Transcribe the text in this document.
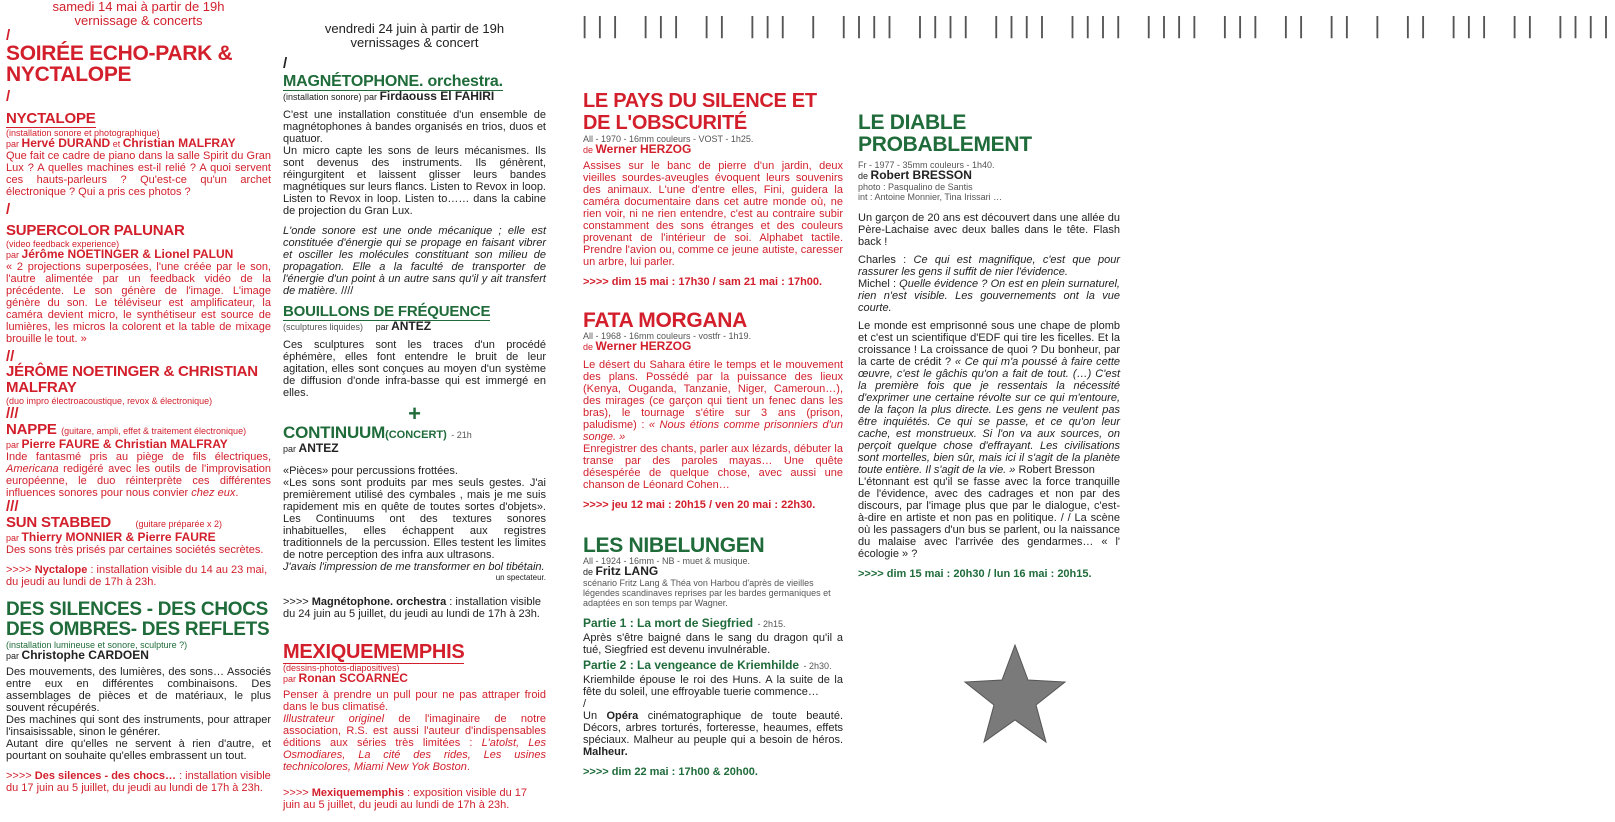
samedi 14 mai à partir de 19h
vernissage & concerts
/
SOIRÉE ECHO-PARK & NYCTALOPE
/
NYCTALOPE
(installation sonore et photographique)
par Hervé DURAND et Christian MALFRAY
Que fait ce cadre de piano dans la salle Spirit du Gran Lux ? A quelles machines est-il relié ? A quoi servent ces hauts-parleurs ? Qu'est-ce qu'un archet électronique ? Qui a pris ces photos ?
/
SUPERCOLOR PALUNAR
(video feedback experience)
par Jérôme NOETINGER & Lionel PALUN
« 2 projections superposées, l'une créée par le son, l'autre alimentée par un feedback vidéo de la précédente. Le son génère de l'image. L'image génère du son. Le téléviseur est amplificateur, la caméra devient micro, le synthétiseur est source de lumières, les micros la colorent et la table de mixage brouille le tout. »
//
JÉRÔME NOETINGER & CHRISTIAN MALFRAY
(duo impro électroacoustique, revox & électronique)
///
NAPPE (guitare, ampli, effet & traitement électronique)
par Pierre FAURE & Christian MALFRAY
Inde fantasmé pris au piège de fils électriques, Americana redigéré avec les outils de l'improvisation européenne, le duo réinterprète ces différentes influences sonores pour nous convier chez eux.
///
SUN STABBED	(guitare préparée x 2)
par Thierry MONNIER & Pierre FAURE
Des sons très prisés par certaines sociétés secrètes.
>>>> Nyctalope : installation visible du 14 au 23 mai, du jeudi au lundi de 17h à 23h.
DES SILENCES - DES CHOCS DES OMBRES- DES REFLETS
(installation lumineuse et sonore, sculpture ?)
par Christophe CARDOEN
Des mouvements, des lumières, des sons… Associés entre eux en différentes combinaisons. Des assemblages de pièces et de matériaux, le plus souvent récupérés.
Des machines qui sont des instruments, pour attraper l'insaisissable, sinon le générer.
Autant dire qu'elles ne servent à rien d'autre, et pourtant on souhaite qu'elles embrassent un tout.
>>>> Des silences - des chocs… : installation visible du 17 juin au 5 juillet, du jeudi au lundi de 17h à 23h.
vendredi 24 juin à partir de 19h
vernissages & concert
/
MAGNÉTOPHONE. orchestra.
(installation sonore) par Firdaouss El FAHIRI
C'est une installation constituée d'un ensemble de magnétophones à bandes organisés en trios, duos et quatuor.
Un micro capte les sons de leurs mécanismes. Ils sont devenus des instruments. Ils génèrent, réingurgitent et laissent glisser leurs bandes magnétiques sur leurs flancs. Listen to Revox in loop. Listen to Revox in loop. Listen to…… dans la cabine de projection du Gran Lux.
L'onde sonore est une onde mécanique ; elle est constituée d'énergie qui se propage en faisant vibrer et osciller les molécules constituant son milieu de propagation. Elle a la faculté de transporter de l'énergie d'un point à un autre sans qu'il y ait transfert de matière. ////
BOUILLONS DE FRÉQUENCE
(sculptures liquides) par ANTEZ
Ces sculptures sont les traces d'un procédé éphémère, elles font entendre le bruit de leur agitation, elles sont conçues au moyen d'un système de diffusion d'onde infra-basse qui est immergé en elles.
+
CONTINUUM(CONCERT) - 21h
par ANTEZ
«Pièces» pour percussions frottées.
«Les sons sont produits par mes seuls gestes. J'ai premièrement utilisé des cymbales , mais je me suis rapidement mis en quête de toutes sortes d'objets». Les Continuums ont des textures sonores inhabituelles, elles échappent aux registres traditionnels de la percussion. Elles testent les limites de notre perception des infra aux ultrasons.
J'avais l'impression de me transformer en bol tibétain.
un spectateur.
>>>> Magnétophone. orchestra : installation visible du 24 juin au 5 juillet, du jeudi au lundi de 17h à 23h.
MEXIQUEMEMPHIS
(dessins-photos-diapositives)
par Ronan SCOARNEC
Penser à prendre un pull pour ne pas attraper froid dans le bus climatisé.
Illustrateur originel de l'imaginaire de notre association, R.S. est aussi l'auteur d'indispensables éditions aux séries très limitées : L'atolst, Les Osmodiares, La cité des rides, Les usines technicolores, Miami New Yok Boston.
>>>> Mexiquememphis : exposition visible du 17 juin au 5 juillet, du jeudi au lundi de 17h à 23h.
||| ||| || ||| | |||| |||| |||| |||| |||| ||| || || | || ||| || ||||
LE PAYS DU SILENCE ET DE L'OBSCURITÉ
All - 1970 - 16mm couleurs - VOST - 1h25.
de Werner HERZOG
Assises sur le banc de pierre d'un jardin, deux vieilles sourdes-aveugles évoquent leurs souvenirs des animaux. L'une d'entre elles, Fini, guidera la caméra documentaire dans cet autre monde où, ne rien voir, ni ne rien entendre, c'est au contraire subir constamment des sons étranges et des couleurs provenant de l'intérieur de soi. Alphabet tactile. Prendre l'avion ou, comme ce jeune autiste, caresser un arbre, lui parler.
>>>> dim 15 mai : 17h30 / sam 21 mai : 17h00.
FATA MORGANA
All - 1968 - 16mm couleurs - vostfr - 1h19.
de Werner HERZOG
Le désert du Sahara étire le temps et le mouvement des plans. Possédé par la puissance des lieux (Kenya, Ouganda, Tanzanie, Niger, Cameroun…), des mirages (ce garçon qui tient un fenec dans les bras), le tournage s'étire sur 3 ans (prison, paludisme) : « Nous étions comme prisonniers d'un songe. »
Enregistrer des chants, parler aux lézards, débuter la transe par des paroles mayas… Une quête désespérée de quelque chose, avec aussi une chanson de Léonard Cohen…
>>>> jeu 12 mai : 20h15 / ven 20 mai : 22h30.
LES NIBELUNGEN
All - 1924 - 16mm - NB - muet & musique.
de Fritz LANG
scénario Fritz Lang & Théa von Harbou d'après de vieilles légendes scandinaves reprises par les bardes germaniques et adaptées en son temps par Wagner.
Partie 1 : La mort de Siegfried - 2h15.
Après s'être baigné dans le sang du dragon qu'il a tué, Siegfried est devenu invulnérable.
Partie 2 : La vengeance de Kriemhilde - 2h30.
Kriemhilde épouse le roi des Huns. A la suite de la fête du soleil, une effroyable tuerie commence…
/
Un Opéra cinématographique de toute beauté. Décors, arbres torturés, forteresse, heaumes, effets spéciaux. Malheur au peuple qui a besoin de héros. Malheur.
>>>> dim 22 mai : 17h00 & 20h00.
LE DIABLE PROBABLEMENT
Fr - 1977 - 35mm couleurs - 1h40.
de Robert BRESSON
photo : Pasqualino de Santis
int : Antoine Monnier, Tina Irissari …
Un garçon de 20 ans est découvert dans une allée du Père-Lachaise avec deux balles dans le tête. Flash back !
Charles : Ce qui est magnifique, c'est que pour rassurer les gens il suffit de nier l'évidence.
Michel : Quelle évidence ? On est en plein surnaturel, rien n'est visible. Les gouvernements ont la vue courte.
Le monde est emprisonné sous une chape de plomb et c'est un scientifique d'EDF qui tire les ficelles. Et la croissance ! La croissance de quoi ? Du bonheur, par la carte de crédit ? « Ce qui m'a poussé à faire cette œuvre, c'est le gâchis qu'on a fait de tout. (…) C'est la première fois que je ressentais la nécessité d'exprimer une certaine révolte sur ce qui m'entoure, de la façon la plus directe. Les gens ne veulent pas être inquiétés. Ce qui se passe, et ce qu'on leur cache, est monstrueux. Si l'on va aux sources, on perçoit quelque chose d'effrayant. Les civilisations sont mortelles, bien sûr, mais ici il s'agit de la planète toute entière. Il s'agit de la vie. » Robert Bresson
L'étonnant est qu'il se fasse avec la force tranquille de l'évidence, avec des cadrages et non par des discours, par l'image plus que par le dialogue, c'est-à-dire en artiste et non pas en politique. / / La scène où les passagers d'un bus se parlent, ou la naissance du malaise avec l'arrivée des gendarmes… « l' écologie » ?
>>>> dim 15 mai : 20h30 / lun 16 mai : 20h15.
